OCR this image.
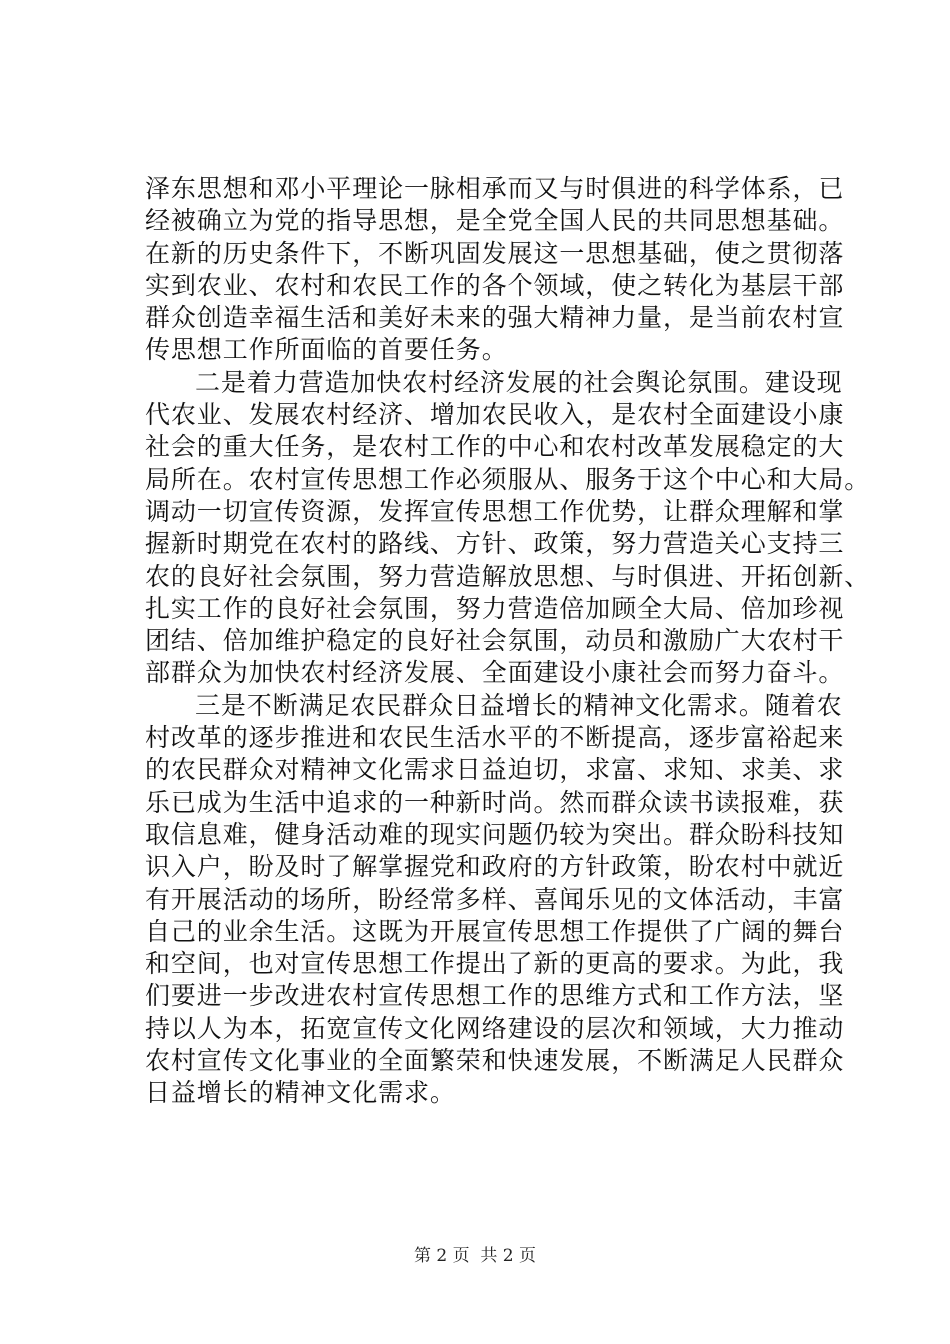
泽东思想和邓小平理论一脉相承而又与时俱进的科学体系，已
经被确立为党的指导思想，是全党全国人民的共同思想基础。
在新的历史条件下，不断巩固发展这一思想基础，使之贯彻落
实到农业、农村和农民工作的各个领域，使之转化为基层干部
群众创造幸福生活和美好未来的强大精神力量，是当前农村宣
传思想工作所面临的首要任务。
二是着力营造加快农村经济发展的社会舆论氛围。建设现
代农业、发展农村经济、增加农民收入，是农村全面建设小康
社会的重大任务，是农村工作的中心和农村改革发展稳定的大
局所在。农村宣传思想工作必须服从、服务于这个中心和大局。
调动一切宣传资源，发挥宣传思想工作优势，让群众理解和掌
握新时期党在农村的路线、方针、政策，努力营造关心支持三
农的良好社会氛围，努力营造解放思想、与时俱进、开拓创新、
扎实工作的良好社会氛围，努力营造倍加顾全大局、倍加珍视
团结、倍加维护稳定的良好社会氛围，动员和激励广大农村干
部群众为加快农村经济发展、全面建设小康社会而努力奋斗。
三是不断满足农民群众日益增长的精神文化需求。随着农
村改革的逐步推进和农民生活水平的不断提高，逐步富裕起来
的农民群众对精神文化需求日益迫切，求富、求知、求美、求
乐已成为生活中追求的一种新时尚。然而群众读书读报难，获
取信息难，健身活动难的现实问题仍较为突出。群众盼科技知
识入户，盼及时了解掌握党和政府的方针政策，盼农村中就近
有开展活动的场所，盼经常多样、喜闻乐见的文体活动，丰富
自己的业余生活。这既为开展宣传思想工作提供了广阔的舞台
和空间，也对宣传思想工作提出了新的更高的要求。为此，我
们要进一步改进农村宣传思想工作的思维方式和工作方法，坚
持以人为本，拓宽宣传文化网络建设的层次和领域，大力推动
农村宣传文化事业的全面繁荣和快速发展，不断满足人民群众
日益增长的精神文化需求。
第 2 页  共 2 页
